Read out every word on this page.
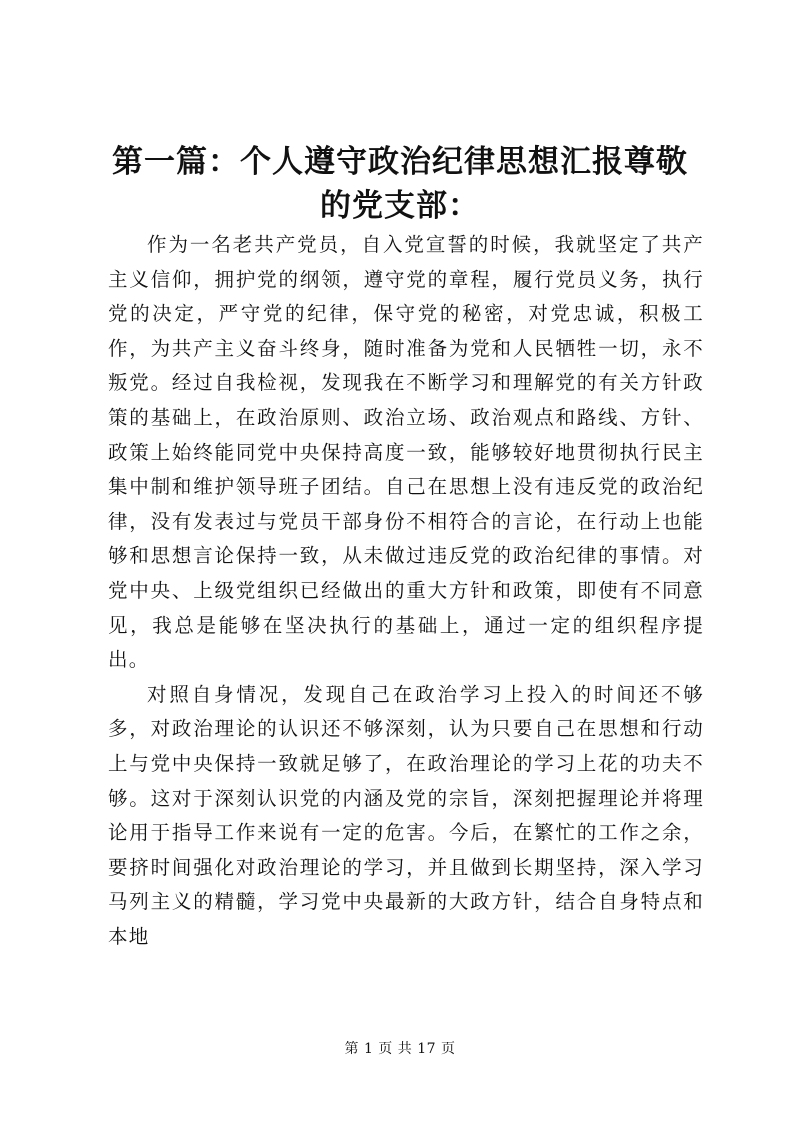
第一篇：个人遵守政治纪律思想汇报尊敬的党支部：

作为一名老共产党员，自入党宣誓的时候，我就坚定了共产主义信仰，拥护党的纲领，遵守党的章程，履行党员义务，执行党的决定，严守党的纪律，保守党的秘密，对党忠诚，积极工作，为共产主义奋斗终身，随时准备为党和人民牺牲一切，永不叛党。经过自我检视，发现我在不断学习和理解党的有关方针政策的基础上，在政治原则、政治立场、政治观点和路线、方针、政策上始终能同党中央保持高度一致，能够较好地贯彻执行民主集中制和维护领导班子团结。自己在思想上没有违反党的政治纪律，没有发表过与党员干部身份不相符合的言论，在行动上也能够和思想言论保持一致，从未做过违反党的政治纪律的事情。对党中央、上级党组织已经做出的重大方针和政策，即使有不同意见，我总是能够在坚决执行的基础上，通过一定的组织程序提出。

对照自身情况，发现自己在政治学习上投入的时间还不够多，对政治理论的认识还不够深刻，认为只要自己在思想和行动上与党中央保持一致就足够了，在政治理论的学习上花的功夫不够。这对于深刻认识党的内涵及党的宗旨，深刻把握理论并将理论用于指导工作来说有一定的危害。今后，在繁忙的工作之余，要挤时间强化对政治理论的学习，并且做到长期坚持，深入学习马列主义的精髓，学习党中央最新的大政方针，结合自身特点和本地

第 1 页 共 17 页
